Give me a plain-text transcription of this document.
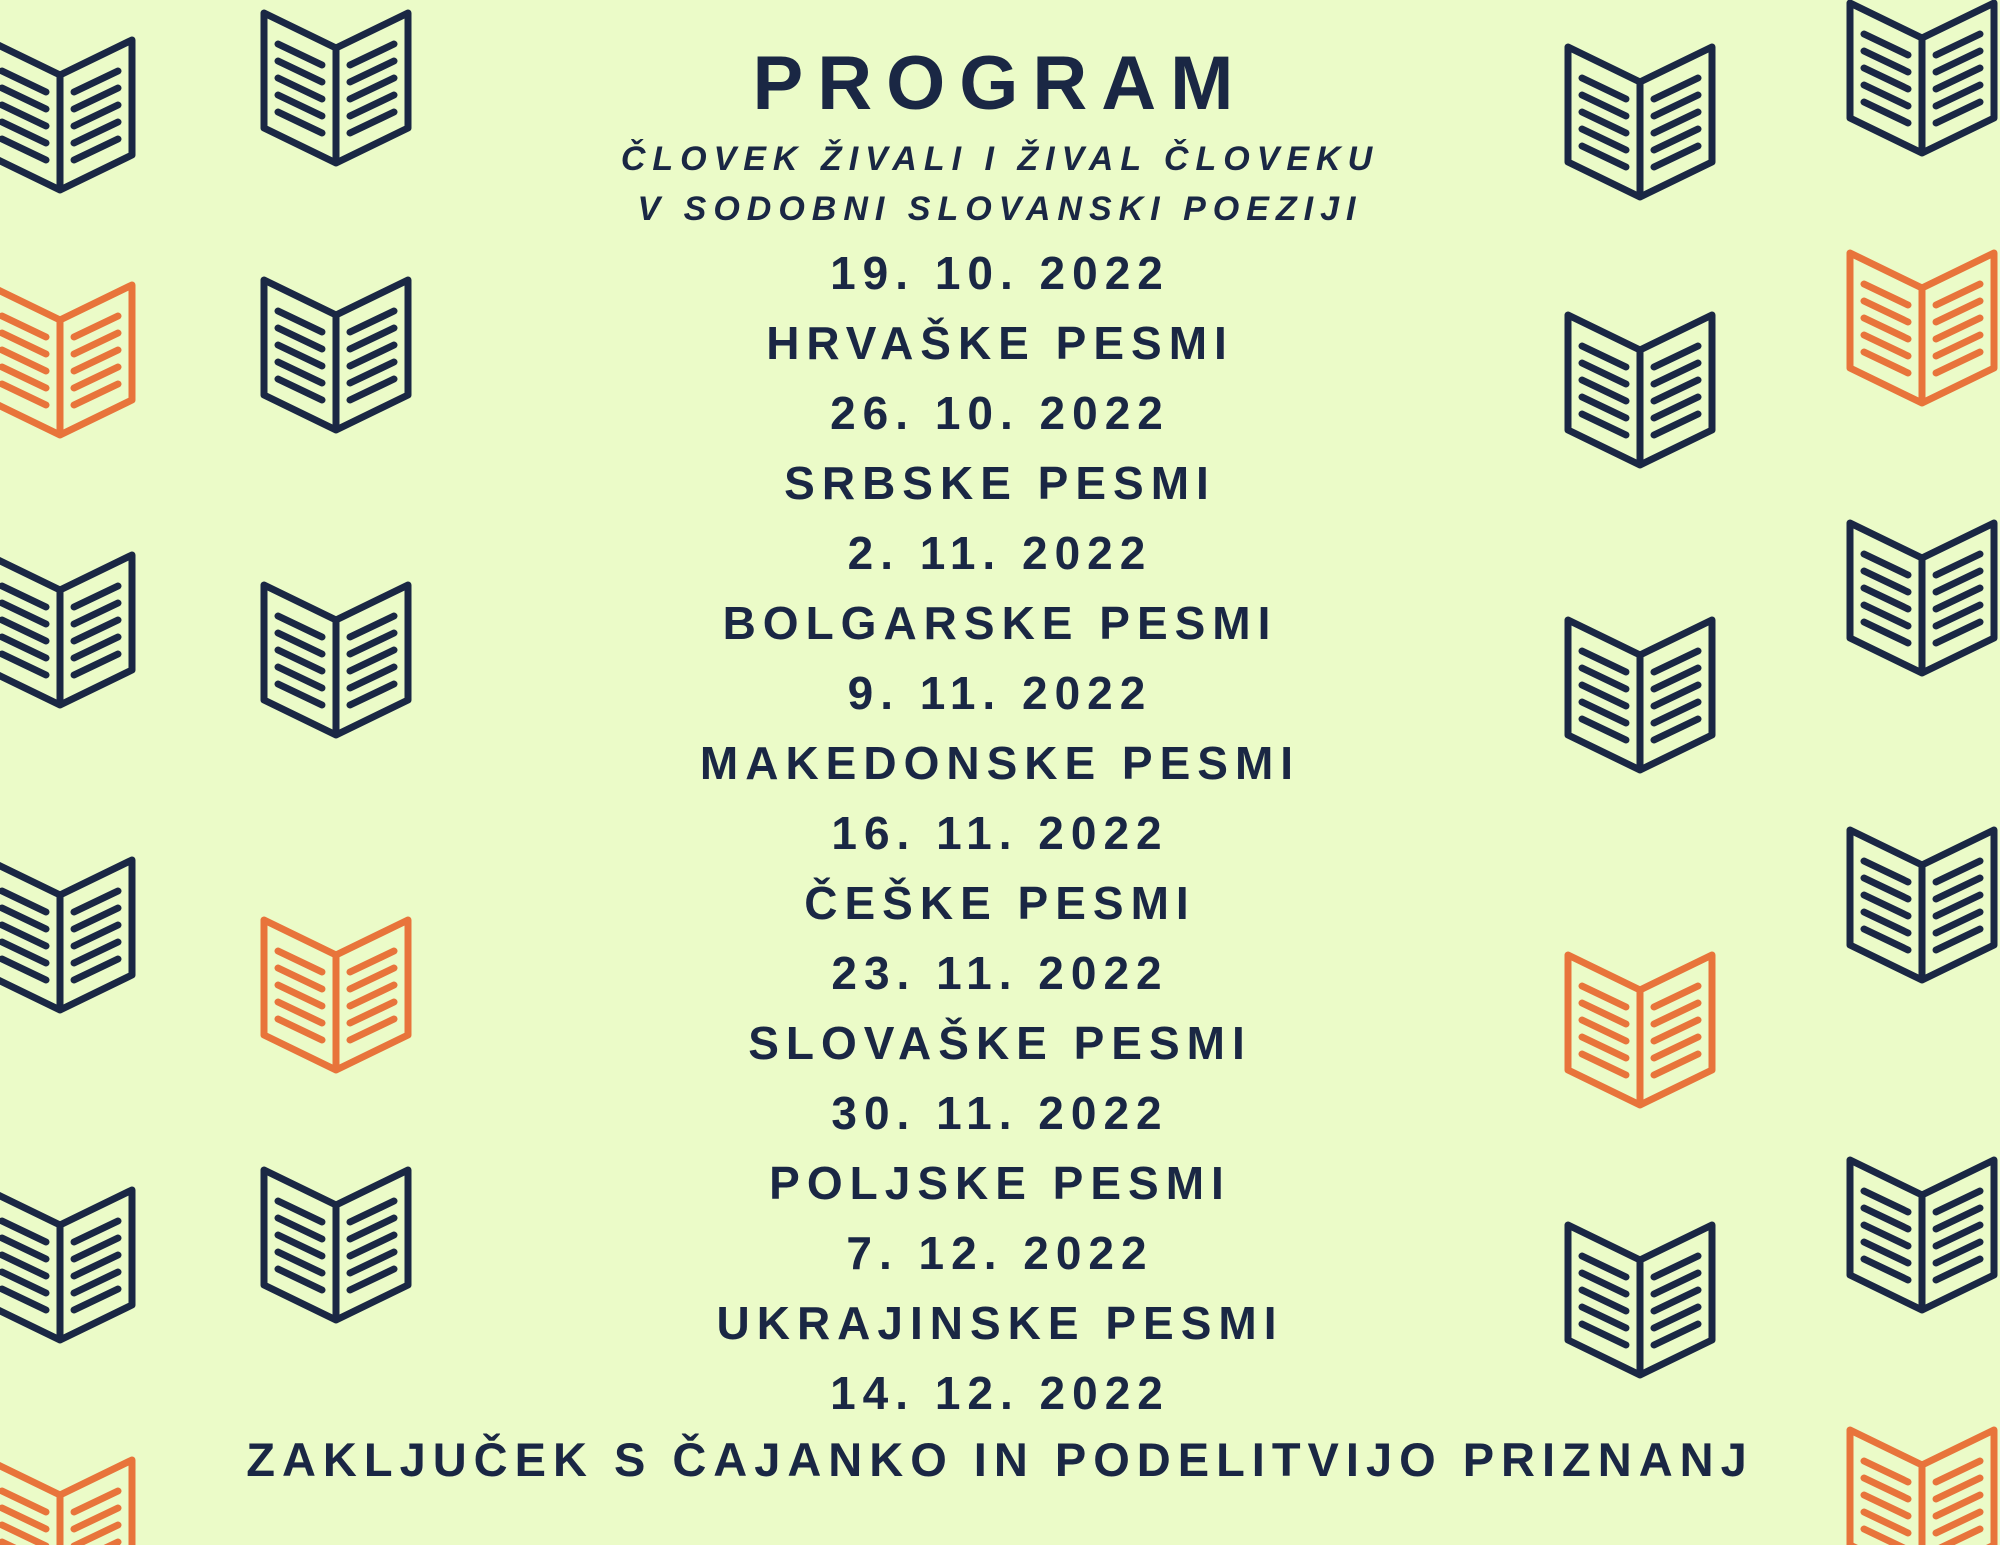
PROGRAM
ČLOVEK ŽIVALI I ŽIVAL ČLOVEKU
V SODOBNI SLOVANSKI POEZIJI
19. 10. 2022
HRVAŠKE PESMI
26. 10. 2022
SRBSKE PESMI
2. 11. 2022
BOLGARSKE PESMI
9. 11. 2022
MAKEDONSKE PESMI
16. 11. 2022
ČEŠKE PESMI
23. 11. 2022
SLOVAŠKE PESMI
30. 11. 2022
POLJSKE PESMI
7. 12. 2022
UKRAJINSKE PESMI
14. 12. 2022
ZAKLJUČEK S ČAJANKO IN PODELITVIJO PRIZNANJ
